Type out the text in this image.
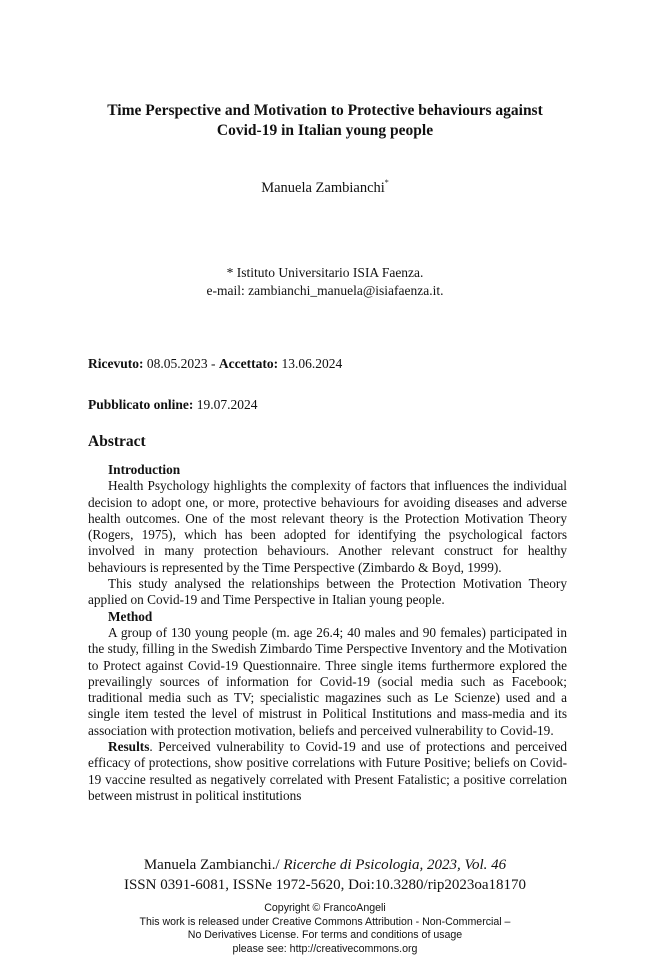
Time Perspective and Motivation to Protective behaviours against
Covid-19 in Italian young people
Manuela Zambianchi*
* Istituto Universitario ISIA Faenza.
e-mail: zambianchi_manuela@isiafaenza.it.
Ricevuto: 08.05.2023 - Accettato: 13.06.2024
Pubblicato online: 19.07.2024
Abstract
Introduction
Health Psychology highlights the complexity of factors that influences the individual decision to adopt one, or more, protective behaviours for avoiding diseases and adverse health outcomes. One of the most relevant theory is the Protection Motivation Theory (Rogers, 1975), which has been adopted for identifying the psychological factors involved in many protection behaviours. Another relevant construct for healthy behaviours is represented by the Time Perspective (Zimbardo & Boyd, 1999).
This study analysed the relationships between the Protection Motivation Theory applied on Covid-19 and Time Perspective in Italian young people.
Method
A group of 130 young people (m. age 26.4; 40 males and 90 females) participated in the study, filling in the Swedish Zimbardo Time Perspective Inventory and the Motivation to Protect against Covid-19 Questionnaire. Three single items furthermore explored the prevailingly sources of information for Covid-19 (social media such as Facebook; traditional media such as TV; specialistic magazines such as Le Scienze) used and a single item tested the level of mistrust in Political Institutions and mass-media and its association with protection motivation, beliefs and perceived vulnerability to Covid-19.
Results. Perceived vulnerability to Covid-19 and use of protections and perceived efficacy of protections, show positive correlations with Future Positive; beliefs on Covid-19 vaccine resulted as negatively correlated with Present Fatalistic; a positive correlation between mistrust in political institutions
Manuela Zambianchi./ Ricerche di Psicologia, 2023, Vol. 46
ISSN 0391-6081, ISSNe 1972-5620, Doi:10.3280/rip2023oa18170
Copyright © FrancoAngeli
This work is released under Creative Commons Attribution - Non-Commercial –
No Derivatives License. For terms and conditions of usage
please see: http://creativecommons.org
